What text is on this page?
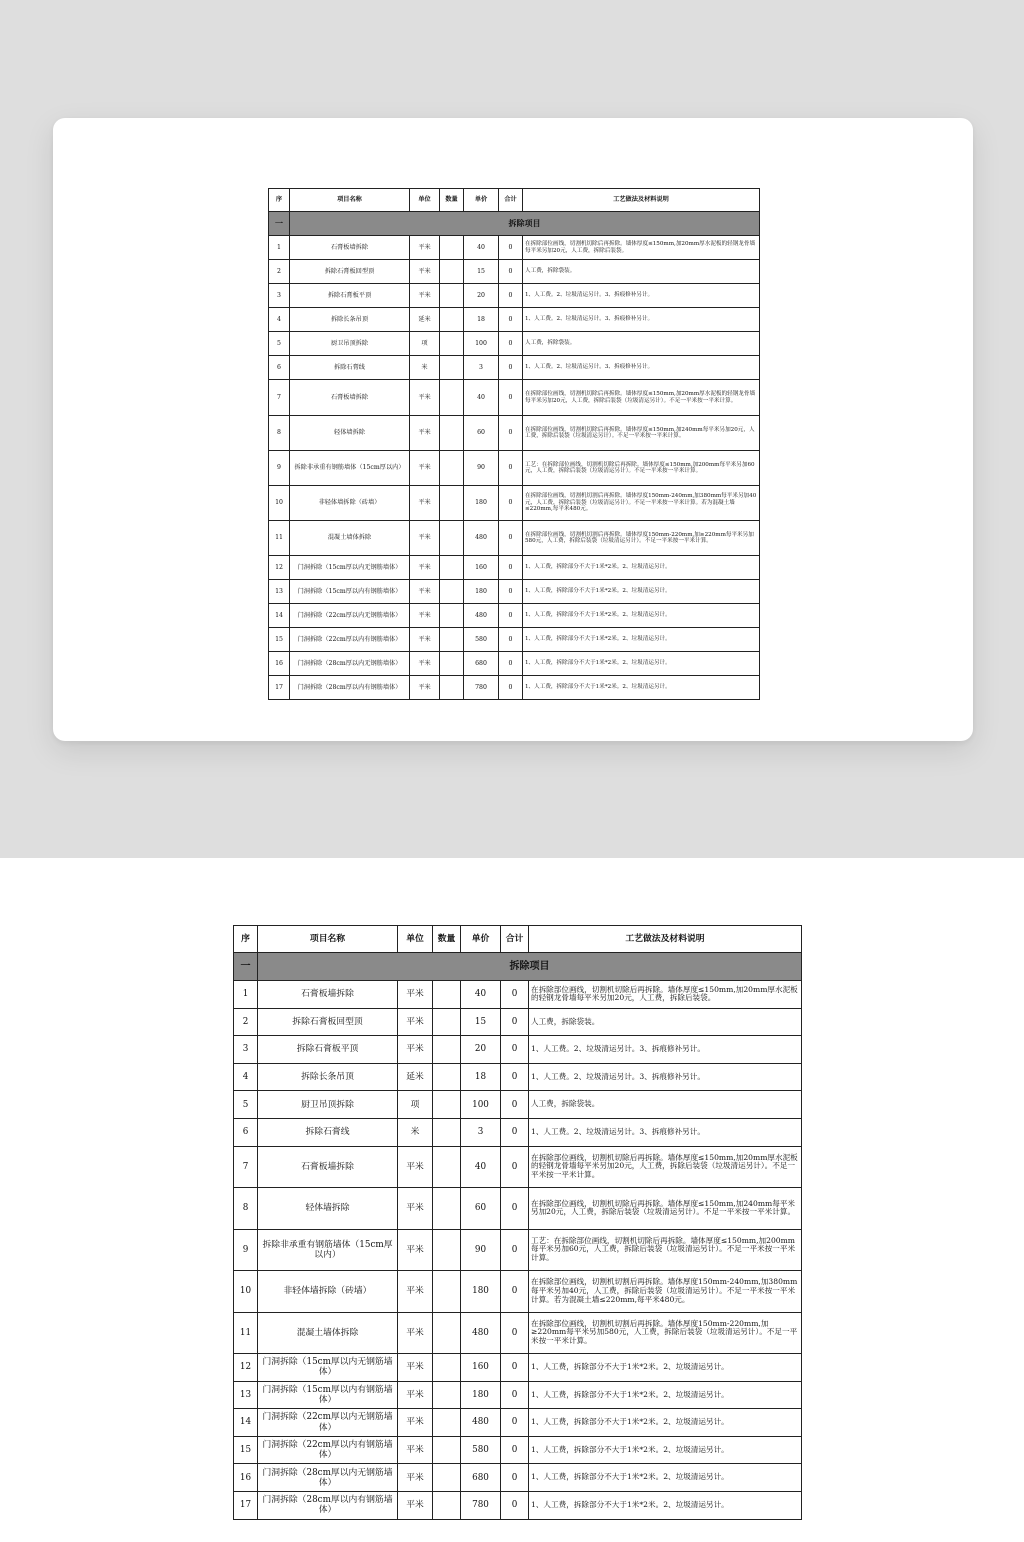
序	项目名称	单位	数量	单价	合计	工艺做法及材料说明
一	拆除项目					
1	石膏板墙拆除	平米		40	0	在拆除部位画线，切割机切除后再拆除。墙体厚度≤150mm,加20mm厚水泥板的轻钢龙骨墙每平米另加20元，人工费，拆除后装袋。
2	拆除石膏板回型顶	平米		15	0	人工费，拆除袋装。
3	拆除石膏板平顶	平米		20	0	1、人工费。2、垃圾清运另计。3、拆痕修补另计。
4	拆除长条吊顶	延米		18	0	1、人工费。2、垃圾清运另计。3、拆痕修补另计。
5	厨卫吊顶拆除	项		100	0	人工费，拆除袋装。
6	拆除石膏线	米		3	0	1、人工费。2、垃圾清运另计。3、拆痕修补另计。
7	石膏板墙拆除	平米		40	0	在拆除部位画线，切割机切除后再拆除。墙体厚度≤150mm,加20mm厚水泥板的轻钢龙骨墙每平米另加20元，人工费，拆除后装袋（垃圾清运另计）。不足一平米按一平米计算。
8	轻体墙拆除	平米		60	0	在拆除部位画线，切割机切除后再拆除。墙体厚度≤150mm,加240mm每平米另加20元，人工费，拆除后装袋（垃圾清运另计）。不足一平米按一平米计算。
9	拆除非承重有钢筋墙体（15cm厚以内）	平米		90	0	工艺：在拆除部位画线，切割机切除后再拆除。墙体厚度≤150mm,加200mm每平米另加60元，人工费，拆除后装袋（垃圾清运另计）。不足一平米按一平米计算。
10	非轻体墙拆除（砖墙）	平米		180	0	在拆除部位画线，切割机切割后再拆除。墙体厚度150mm-240mm,加380mm每平米另加40元，人工费，拆除后装袋（垃圾清运另计）。不足一平米按一平米计算。若为混凝土墙≤220mm,每平米480元。
11	混凝土墙体拆除	平米		480	0	在拆除部位画线，切割机切割后再拆除。墙体厚度150mm-220mm,加≥220mm每平米另加580元，人工费，拆除后装袋（垃圾清运另计）。不足一平米按一平米计算。
12	门洞拆除（15cm厚以内无钢筋墙体）	平米		160	0	1、人工费，拆除部分不大于1米*2米。2、垃圾清运另计。
13	门洞拆除（15cm厚以内有钢筋墙体）	平米		180	0	1、人工费，拆除部分不大于1米*2米。2、垃圾清运另计。
14	门洞拆除（22cm厚以内无钢筋墙体）	平米		480	0	1、人工费，拆除部分不大于1米*2米。2、垃圾清运另计。
15	门洞拆除（22cm厚以内有钢筋墙体）	平米		580	0	1、人工费，拆除部分不大于1米*2米。2、垃圾清运另计。
16	门洞拆除（28cm厚以内无钢筋墙体）	平米		680	0	1、人工费，拆除部分不大于1米*2米。2、垃圾清运另计。
17	门洞拆除（28cm厚以内有钢筋墙体）	平米		780	0	1、人工费，拆除部分不大于1米*2米。2、垃圾清运另计。
序	项目名称	单位	数量	单价	合计	工艺做法及材料说明
一	拆除项目					
1	石膏板墙拆除	平米		40	0	在拆除部位画线，切割机切除后再拆除。墙体厚度≤150mm,加20mm厚水泥板的轻钢龙骨墙每平米另加20元，人工费，拆除后装袋。
2	拆除石膏板回型顶	平米		15	0	人工费，拆除袋装。
3	拆除石膏板平顶	平米		20	0	1、人工费。2、垃圾清运另计。3、拆痕修补另计。
4	拆除长条吊顶	延米		18	0	1、人工费。2、垃圾清运另计。3、拆痕修补另计。
5	厨卫吊顶拆除	项		100	0	人工费，拆除袋装。
6	拆除石膏线	米		3	0	1、人工费。2、垃圾清运另计。3、拆痕修补另计。
7	石膏板墙拆除	平米		40	0	在拆除部位画线，切割机切除后再拆除。墙体厚度≤150mm,加20mm厚水泥板的轻钢龙骨墙每平米另加20元，人工费，拆除后装袋（垃圾清运另计）。不足一平米按一平米计算。
8	轻体墙拆除	平米		60	0	在拆除部位画线，切割机切除后再拆除。墙体厚度≤150mm,加240mm每平米另加20元，人工费，拆除后装袋（垃圾清运另计）。不足一平米按一平米计算。
9	拆除非承重有钢筋墙体（15cm厚以内）	平米		90	0	工艺：在拆除部位画线，切割机切除后再拆除。墙体厚度≤150mm,加200mm每平米另加60元，人工费，拆除后装袋（垃圾清运另计）。不足一平米按一平米计算。
10	非轻体墙拆除（砖墙）	平米		180	0	在拆除部位画线，切割机切割后再拆除。墙体厚度150mm-240mm,加380mm每平米另加40元，人工费，拆除后装袋（垃圾清运另计）。不足一平米按一平米计算。若为混凝土墙≤220mm,每平米480元。
11	混凝土墙体拆除	平米		480	0	在拆除部位画线，切割机切割后再拆除。墙体厚度150mm-220mm,加≥220mm每平米另加580元，人工费，拆除后装袋（垃圾清运另计）。不足一平米按一平米计算。
12	门洞拆除（15cm厚以内无钢筋墙体）	平米		160	0	1、人工费，拆除部分不大于1米*2米。2、垃圾清运另计。
13	门洞拆除（15cm厚以内有钢筋墙体）	平米		180	0	1、人工费，拆除部分不大于1米*2米。2、垃圾清运另计。
14	门洞拆除（22cm厚以内无钢筋墙体）	平米		480	0	1、人工费，拆除部分不大于1米*2米。2、垃圾清运另计。
15	门洞拆除（22cm厚以内有钢筋墙体）	平米		580	0	1、人工费，拆除部分不大于1米*2米。2、垃圾清运另计。
16	门洞拆除（28cm厚以内无钢筋墙体）	平米		680	0	1、人工费，拆除部分不大于1米*2米。2、垃圾清运另计。
17	门洞拆除（28cm厚以内有钢筋墙体）	平米		780	0	1、人工费，拆除部分不大于1米*2米。2、垃圾清运另计。
